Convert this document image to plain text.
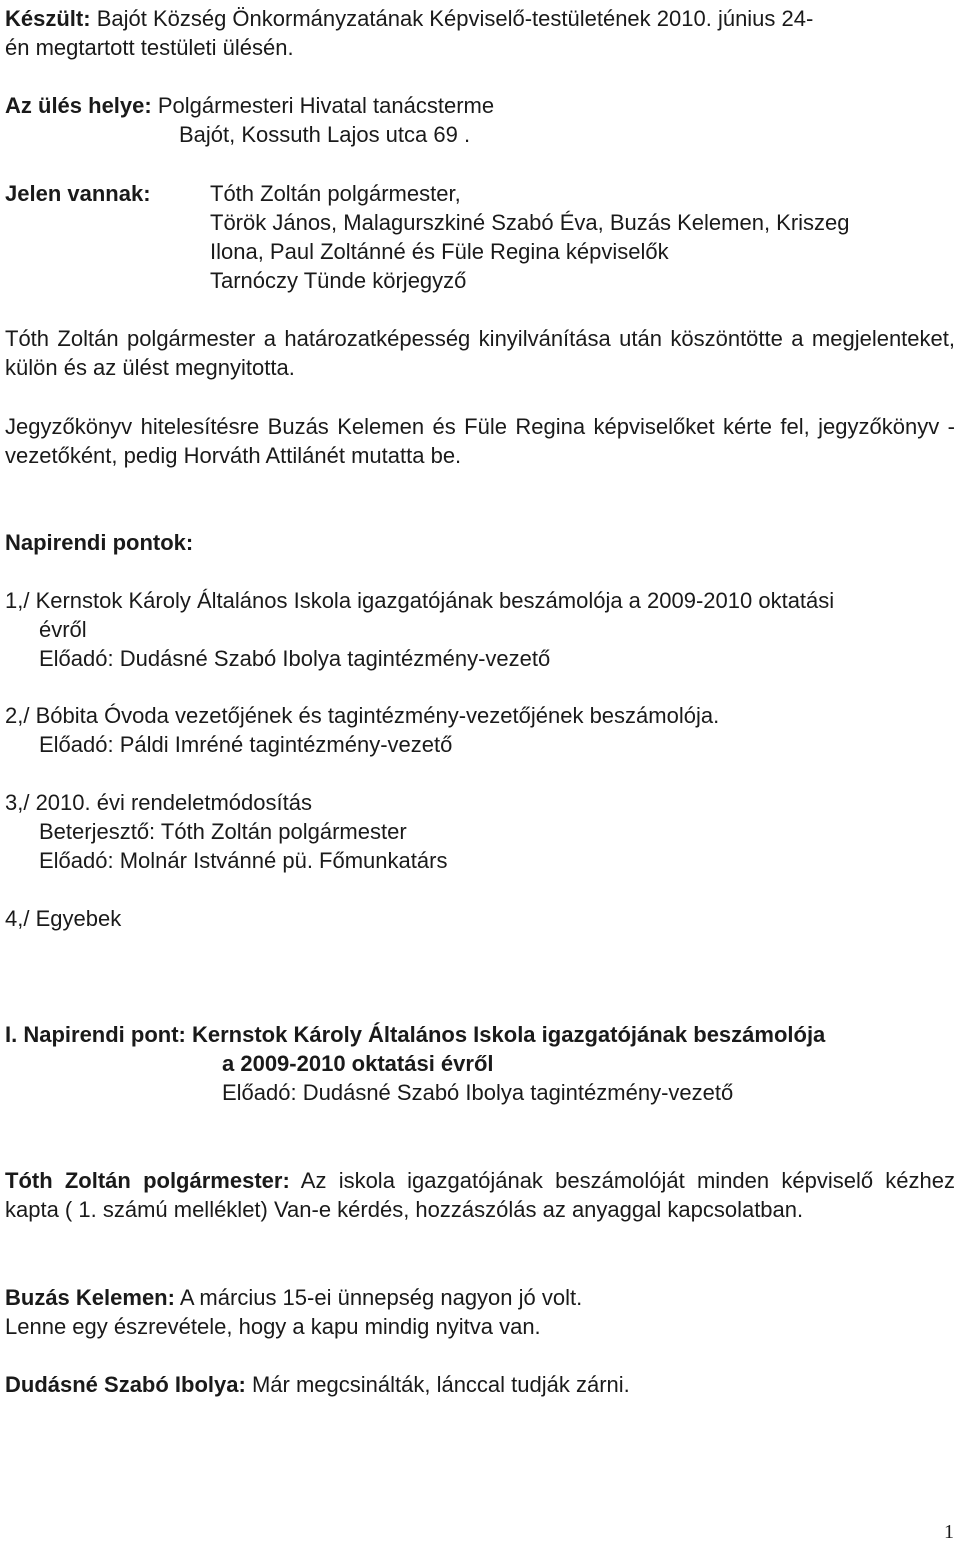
Készült: Bajót Község Önkormányzatának Képviselő-testületének 2010. június 24-
én megtartott testületi ülésén.
Az ülés helye: Polgármesteri Hivatal tanácsterme
Bajót, Kossuth Lajos utca 69 .
Jelen vannak:	Tóth Zoltán polgármester,
Török János, Malagurszkiné Szabó Éva, Buzás Kelemen, Kriszeg
Ilona, Paul Zoltánné és Füle Regina képviselők
Tarnóczy Tünde körjegyző
Tóth Zoltán polgármester a határozatképesség kinyilvánítása után köszöntötte a megjelenteket, külön és az ülést megnyitotta.
Jegyzőkönyv hitelesítésre Buzás Kelemen és Füle Regina képviselőket kérte fel, jegyzőkönyv - vezetőként, pedig Horváth Attilánét mutatta be.
Napirendi pontok:
1,/ Kernstok Károly Általános Iskola igazgatójának beszámolója a 2009-2010 oktatási
évről
Előadó: Dudásné Szabó Ibolya tagintézmény-vezető
2,/ Bóbita Óvoda vezetőjének és tagintézmény-vezetőjének beszámolója.
Előadó: Páldi Imréné tagintézmény-vezető
3,/ 2010. évi rendeletmódosítás
Beterjesztő: Tóth Zoltán polgármester
Előadó: Molnár Istvánné pü. Főmunkatárs
4,/ Egyebek
I. Napirendi pont: Kernstok Károly Általános Iskola igazgatójának beszámolója
a 2009-2010 oktatási évről
Előadó: Dudásné Szabó Ibolya tagintézmény-vezető
Tóth Zoltán polgármester: Az iskola igazgatójának beszámolóját minden képviselő kézhez kapta ( 1. számú melléklet) Van-e kérdés, hozzászólás az anyaggal kapcsolatban.
Buzás Kelemen: A március 15-ei ünnepség nagyon jó volt.
Lenne egy észrevétele, hogy a kapu mindig nyitva van.
Dudásné Szabó Ibolya: Már megcsinálták, lánccal tudják zárni.
1
